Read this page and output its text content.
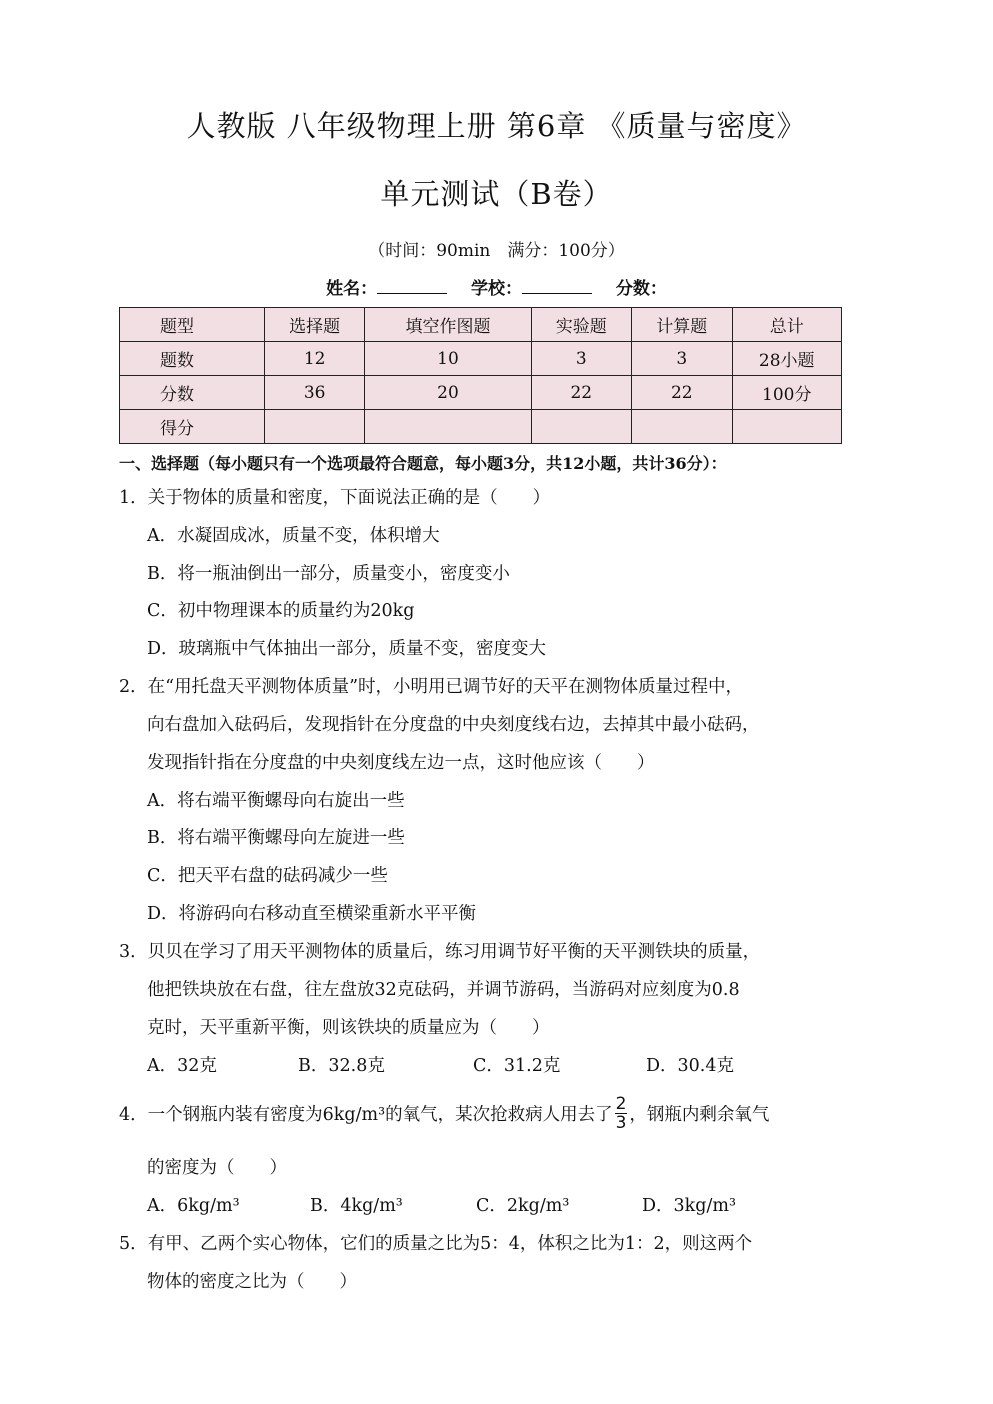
人教版 八年级物理上册 第6章 《质量与密度》
单元测试（B卷）
（时间：90min　满分：100分）
姓名：	学校：	分数：
题型	选择题	填空作图题	实验题	计算题	总计
题数	12	10	3	3	28小题
分数	36	20	22	22	100分
得分					
一、选择题（每小题只有一个选项最符合题意，每小题3分，共12小题，共计36分）：
1．关于物体的质量和密度，下面说法正确的是（　　）
A．水凝固成冰，质量不变，体积增大
B．将一瓶油倒出一部分，质量变小，密度变小
C．初中物理课本的质量约为20kg
D．玻璃瓶中气体抽出一部分，质量不变，密度变大
2．在“用托盘天平测物体质量”时，小明用已调节好的天平在测物体质量过程中，
向右盘加入砝码后，发现指针在分度盘的中央刻度线右边，去掉其中最小砝码，
发现指针指在分度盘的中央刻度线左边一点，这时他应该（　　）
A．将右端平衡螺母向右旋出一些
B．将右端平衡螺母向左旋进一些
C．把天平右盘的砝码减少一些
D．将游码向右移动直至横梁重新水平平衡
3．贝贝在学习了用天平测物体的质量后，练习用调节好平衡的天平测铁块的质量，
他把铁块放在右盘，往左盘放32克砝码，并调节游码，当游码对应刻度为0.8
克时，天平重新平衡，则该铁块的质量应为（　　）
A．32克	B．32.8克	C．31.2克	D．30.4克
4．一个钢瓶内装有密度为6kg/m³的氧气，某次抢救病人用去了 $\frac{2}{3}$ ，钢瓶内剩余氧气
的密度为（　　）
A．6kg/m³	B．4kg/m³	C．2kg/m³	D．3kg/m³
5．有甲、乙两个实心物体，它们的质量之比为5：4，体积之比为1：2，则这两个
物体的密度之比为（　　）
